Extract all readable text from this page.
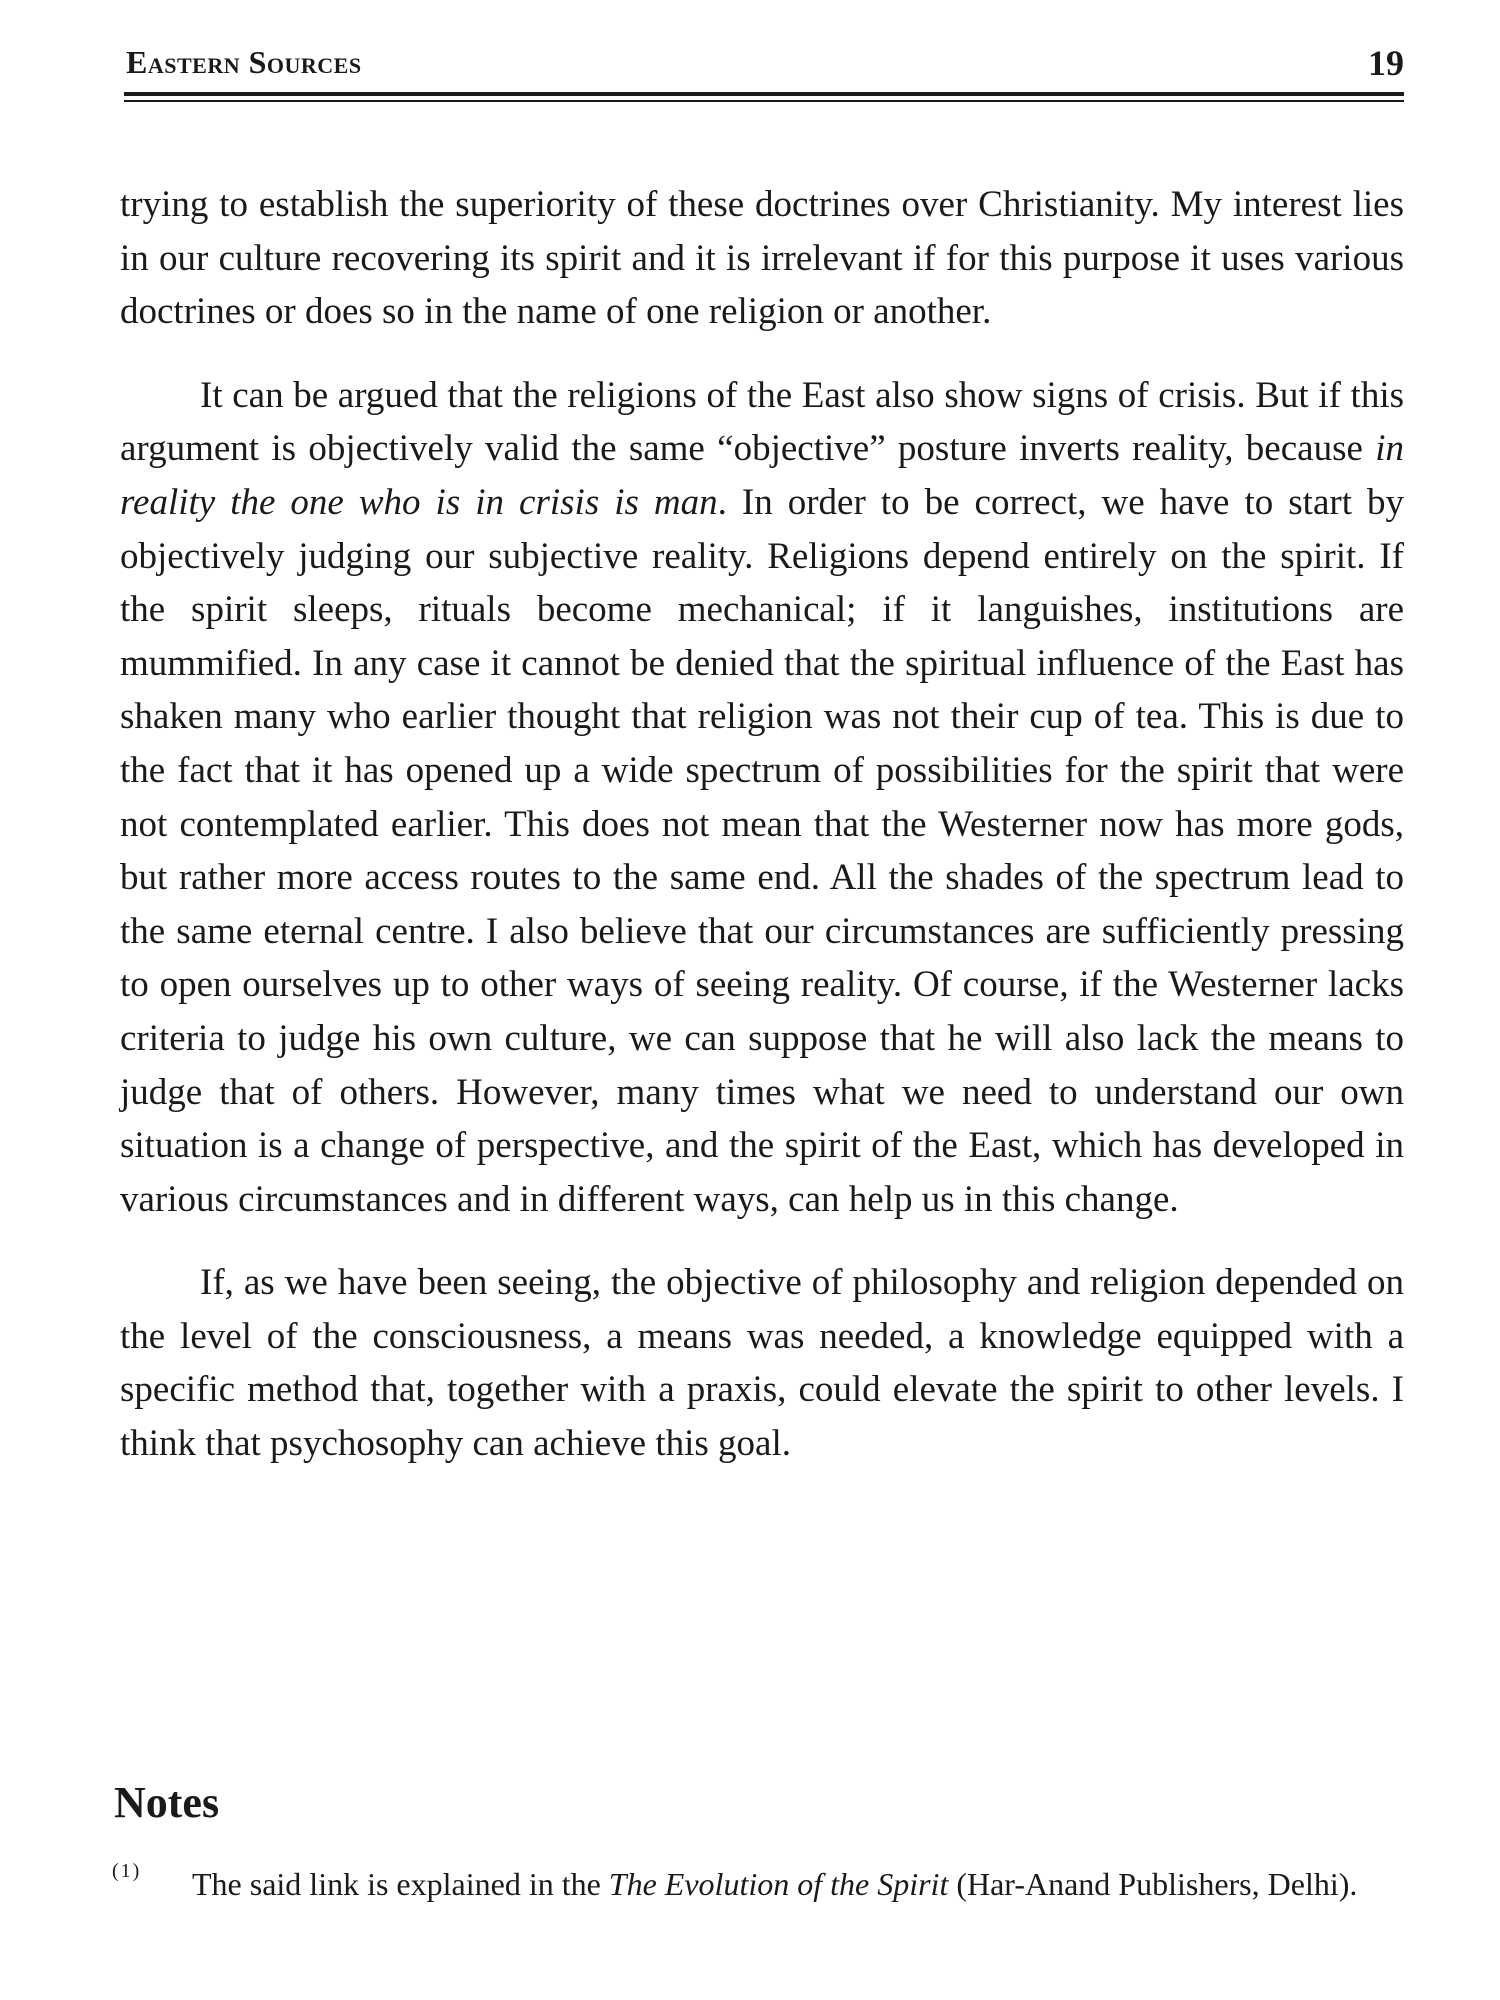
Eastern Sources	19

trying to establish the superiority of these doctrines over Christianity. My interest lies in our culture recovering its spirit and it is irrelevant if for this purpose it uses various doctrines or does so in the name of one religion or another.

It can be argued that the religions of the East also show signs of crisis. But if this argument is objectively valid the same “objective” posture inverts reality, because in reality the one who is in crisis is man. In order to be correct, we have to start by objectively judging our subjective reality. Religions depend entirely on the spirit. If the spirit sleeps, rituals become mechanical; if it languishes, institutions are mummified. In any case it cannot be denied that the spiritual influence of the East has shaken many who earlier thought that religion was not their cup of tea. This is due to the fact that it has opened up a wide spectrum of possibilities for the spirit that were not contemplated earlier. This does not mean that the Westerner now has more gods, but rather more access routes to the same end. All the shades of the spectrum lead to the same eternal centre. I also believe that our circumstances are sufficiently pressing to open ourselves up to other ways of seeing reality. Of course, if the Westerner lacks criteria to judge his own culture, we can suppose that he will also lack the means to judge that of others. However, many times what we need to understand our own situation is a change of perspective, and the spirit of the East, which has developed in various circumstances and in different ways, can help us in this change.

If, as we have been seeing, the objective of philosophy and religion depended on the level of the consciousness, a means was needed, a knowledge equipped with a specific method that, together with a praxis, could elevate the spirit to other levels. I think that psychosophy can achieve this goal.

Notes
(1) The said link is explained in the The Evolution of the Spirit (Har-Anand Publishers, Delhi).
